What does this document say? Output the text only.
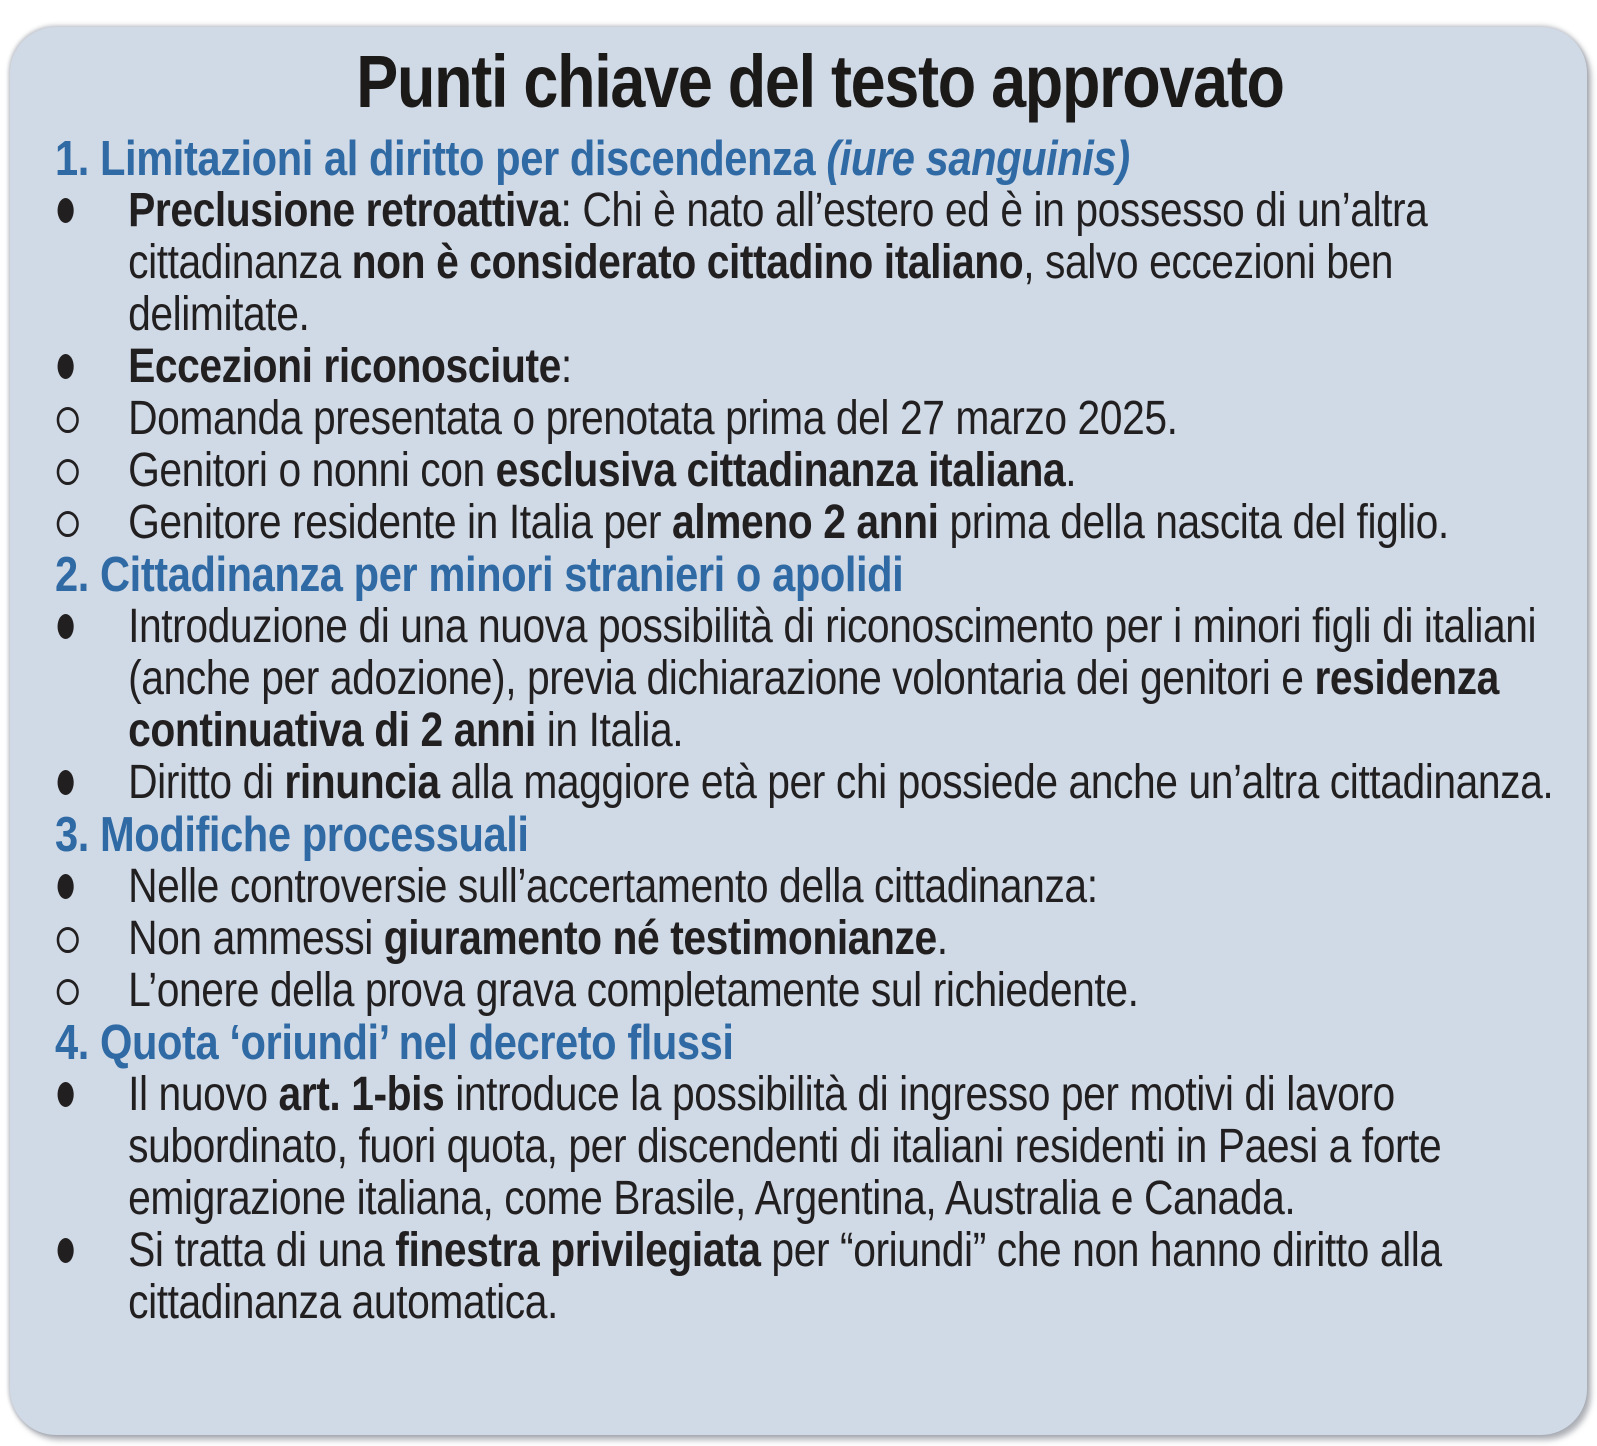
Punti chiave del testo approvato
1. Limitazioni al diritto per discendenza (iure sanguinis)
Preclusione retroattiva: Chi è nato all’estero ed è in possesso di un’altra cittadinanza non è considerato cittadino italiano, salvo eccezioni ben delimitate.
Eccezioni riconosciute:
Domanda presentata o prenotata prima del 27 marzo 2025.
Genitori o nonni con esclusiva cittadinanza italiana.
Genitore residente in Italia per almeno 2 anni prima della nascita del figlio.
2. Cittadinanza per minori stranieri o apolidi
Introduzione di una nuova possibilità di riconoscimento per i minori figli di italiani (anche per adozione), previa dichiarazione volontaria dei genitori e residenza continuativa di 2 anni in Italia.
Diritto di rinuncia alla maggiore età per chi possiede anche un’altra cittadinanza.
3. Modifiche processuali
Nelle controversie sull’accertamento della cittadinanza:
Non ammessi giuramento né testimonianze.
L’onere della prova grava completamente sul richiedente.
4. Quota ‘oriundi’ nel decreto flussi
Il nuovo art. 1-bis introduce la possibilità di ingresso per motivi di lavoro subordinato, fuori quota, per discendenti di italiani residenti in Paesi a forte emigrazione italiana, come Brasile, Argentina, Australia e Canada.
Si tratta di una finestra privilegiata per “oriundi” che non hanno diritto alla cittadinanza automatica.
